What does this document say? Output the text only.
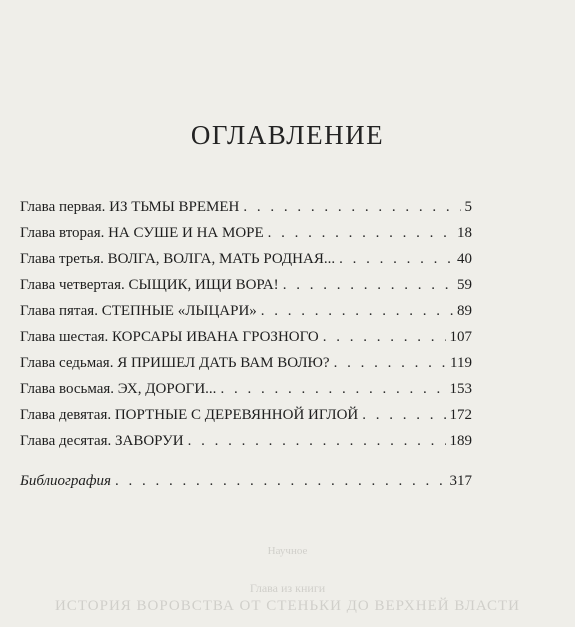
ОГЛАВЛЕНИЕ
Глава первая. ИЗ ТЬМЫ ВРЕМЕН . . .	5
Глава вторая. НА СУШЕ И НА МОРЕ . . .	18
Глава третья. ВОЛГА, ВОЛГА, МАТЬ РОДНАЯ... . . .	40
Глава четвертая. СЫЩИК, ИЩИ ВОРА! . . .	59
Глава пятая. СТЕПНЫЕ «ЛЫЦАРИ» . . .	89
Глава шестая. КОРСАРЫ ИВАНА ГРОЗНОГО . . .	107
Глава седьмая. Я ПРИШЕЛ ДАТЬ ВАМ ВОЛЮ? . . .	119
Глава восьмая. ЭХ, ДОРОГИ... . . .	153
Глава девятая. ПОРТНЫЕ С ДЕРЕВЯННОЙ ИГЛОЙ . . .	172
Глава десятая. ЗАВОРУИ . . .	189
Библиография . . .	317
Научное
Глава из книги
ИСТОРИЯ ВОРОВСТВА ОТ СТЕНЬКИ ДО ВЕРХНЕЙ ВЛАСТИ
